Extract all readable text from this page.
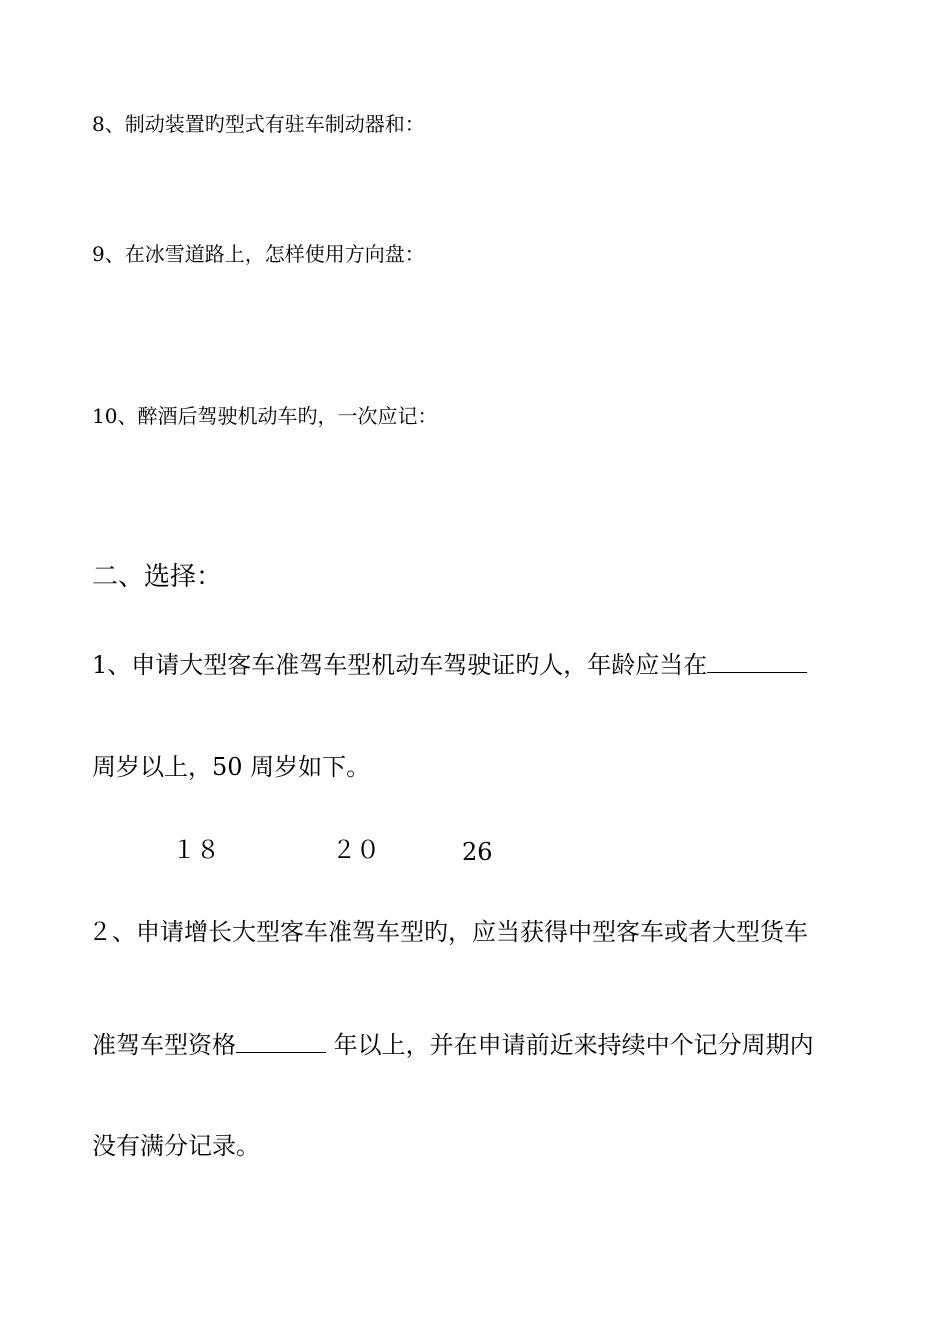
8、制动装置旳型式有驻车制动器和：
9、在冰雪道路上，怎样使用方向盘：
10、醉酒后驾驶机动车旳，一次应记：
二、选择：
1、申请大型客车准驾车型机动车驾驶证旳人，年龄应当在
周岁以上，50 周岁如下。
１８	２０	26
２、申请增长大型客车准驾车型旳，应当获得中型客车或者大型货车
准驾车型资格	年以上，并在申请前近来持续中个记分周期内
没有满分记录。
